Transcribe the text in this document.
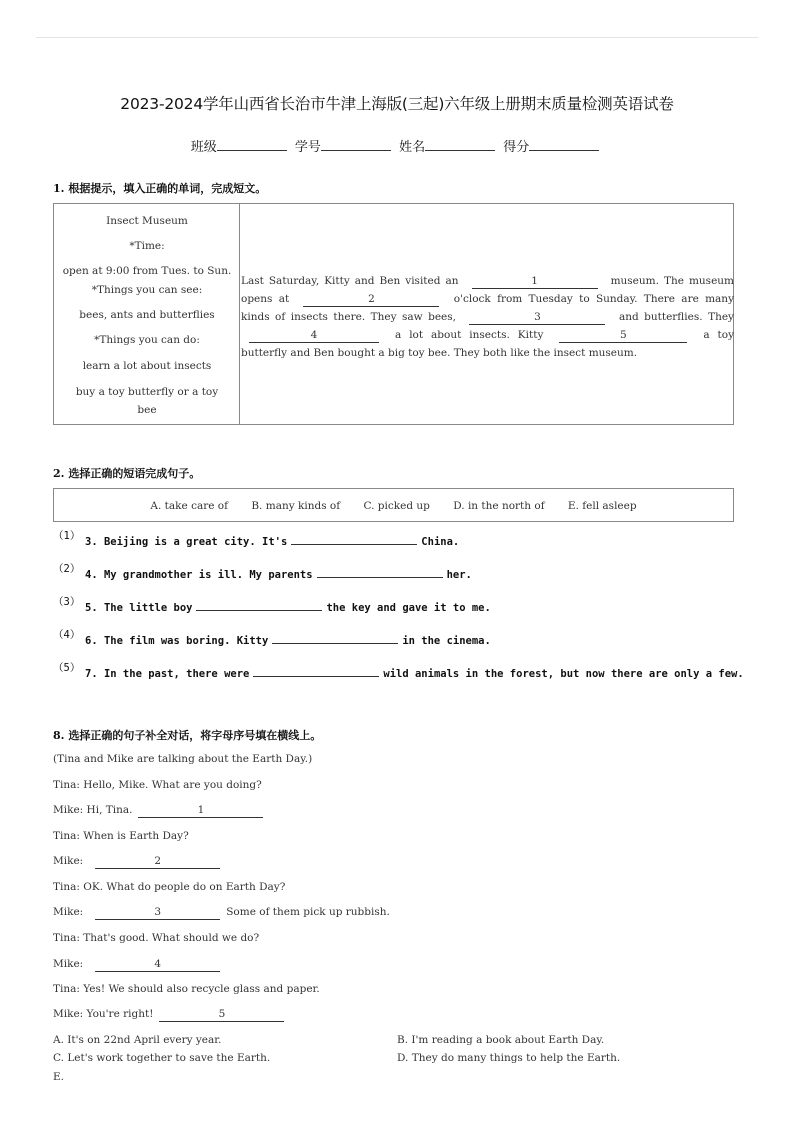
2023-2024学年山西省长治市牛津上海版(三起)六年级上册期末质量检测英语试卷
班级	学号	姓名	得分
1. 根据提示，填入正确的单词，完成短文。
Insect Museum
*Time:
open at 9:00 from Tues. to Sun.
*Things you can see:
bees, ants and butterflies
*Things you can do:
learn a lot about insects
buy a toy butterfly or a toy
bee
Last Saturday, Kitty and Ben visited an	1	museum. The museum opens at	2	o'clock from Tuesday to Sunday. There are many kinds of insects there. They saw bees,	3	and butterflies. They 4	a lot about insects. Kitty	5	a toy butterfly and Ben bought a big toy bee. They both like the insect museum.
2. 选择正确的短语完成句子。
A. take care of B. many kinds of C. picked up D. in the north of E. fell asleep
（1） 3. Beijing is a great city. It's	China.
（2） 4. My grandmother is ill. My parents	her.
（3） 5. The little boy	the key and gave it to me.
（4） 6. The film was boring. Kitty	in the cinema.
（5） 7. In the past, there were	wild animals in the forest, but now there are only a few.
8. 选择正确的句子补全对话，将字母序号填在横线上。
(Tina and Mike are talking about the Earth Day.)
Tina: Hello, Mike. What are you doing?
Mike: Hi, Tina.	1
Tina: When is Earth Day?
Mike:	2
Tina: OK. What do people do on Earth Day?
Mike:	3	Some of them pick up rubbish.
Tina: That's good. What should we do?
Mike:	4
Tina: Yes! We should also recycle glass and paper.
Mike: You're right!	5
A. It's on 22nd April every year.	B. I'm reading a book about Earth Day.
C. Let's work together to save the Earth.	D. They do many things to help the Earth.
E.
